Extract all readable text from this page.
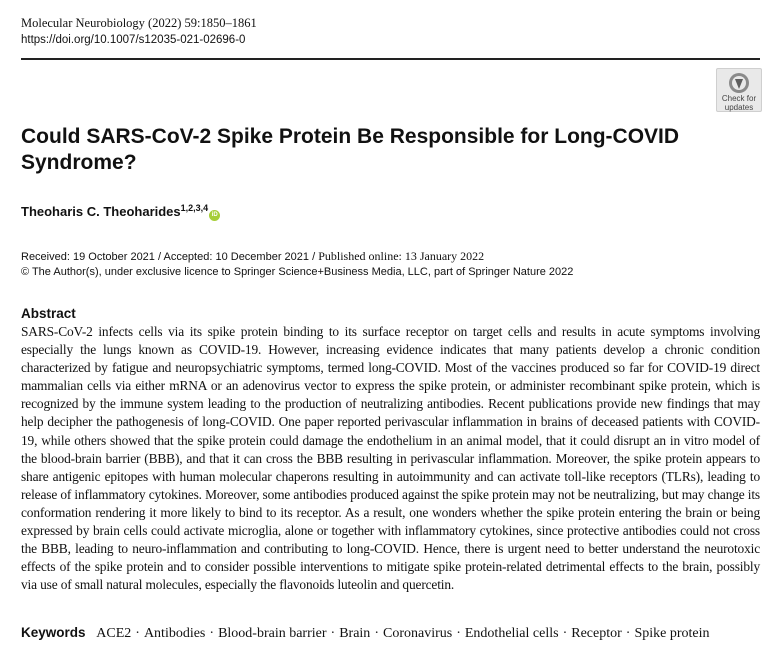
Molecular Neurobiology (2022) 59:1850–1861
https://doi.org/10.1007/s12035-021-02696-0
Check for
updates
Could SARS-CoV-2 Spike Protein Be Responsible for Long-COVID Syndrome?
Theoharis C. Theoharides$^{1,2,3,4}$iD
Received: 19 October 2021 / Accepted: 10 December 2021 / Published online: 13 January 2022
© The Author(s), under exclusive licence to Springer Science+Business Media, LLC, part of Springer Nature 2022
Abstract

SARS-CoV-2 infects cells via its spike protein binding to its surface receptor on target cells and results in acute symptoms involving especially the lungs known as COVID-19. However, increasing evidence indicates that many patients develop a chronic condition characterized by fatigue and neuropsychiatric symptoms, termed long-COVID. Most of the vaccines produced so far for COVID-19 direct mammalian cells via either mRNA or an adenovirus vector to express the spike protein, or administer recombinant spike protein, which is recognized by the immune system leading to the production of neutralizing antibodies. Recent publications provide new findings that may help decipher the pathogenesis of long-COVID. One paper reported perivascular inflammation in brains of deceased patients with COVID-19, while others showed that the spike protein could damage the endothelium in an animal model, that it could disrupt an in vitro model of the blood-brain barrier (BBB), and that it can cross the BBB resulting in perivascular inflammation. Moreover, the spike protein appears to share antigenic epitopes with human molecular chaperons resulting in autoimmunity and can activate toll-like receptors (TLRs), leading to release of inflammatory cytokines. Moreover, some antibodies produced against the spike protein may not be neutralizing, but may change its conformation rendering it more likely to bind to its receptor. As a result, one wonders whether the spike protein entering the brain or being expressed by brain cells could activate microglia, alone or together with inflammatory cytokines, since protective antibodies could not cross the BBB, leading to neuro-inflammation and contributing to long-COVID. Hence, there is urgent need to better understand the neurotoxic effects of the spike protein and to consider possible interventions to mitigate spike protein-related detrimental effects to the brain, possibly via use of small natural molecules, especially the flavonoids luteolin and quercetin.

Keywords ACE2 · Antibodies · Blood-brain barrier · Brain · Coronavirus · Endothelial cells · Receptor · Spike protein
